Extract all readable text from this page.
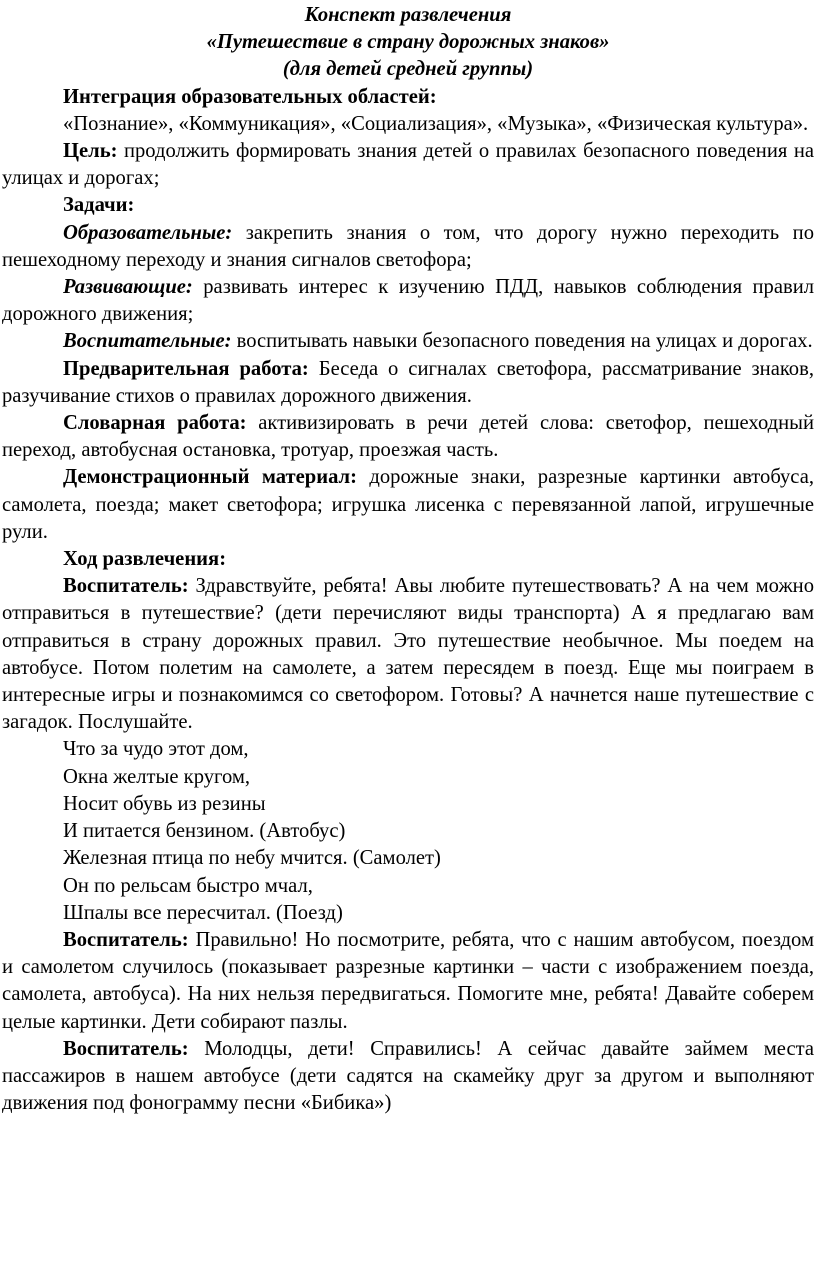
Конспект развлечения
«Путешествие в страну дорожных знаков»
(для детей средней группы)

Интеграция образовательных областей:

«Познание», «Коммуникация», «Социализация», «Музыка», «Физическая культура».

Цель: продолжить формировать знания детей о правилах безопасного поведения на улицах и дорогах;

Задачи:

Образовательные: закрепить знания о том, что дорогу нужно переходить по пешеходному переходу и знания сигналов светофора;

Развивающие: развивать интерес к изучению ПДД, навыков соблюдения правил дорожного движения;

Воспитательные: воспитывать навыки безопасного поведения на улицах и дорогах.

Предварительная работа: Беседа о сигналах светофора, рассматривание знаков, разучивание стихов о правилах дорожного движения.

Словарная работа: активизировать в речи детей слова: светофор, пешеходный переход, автобусная остановка, тротуар, проезжая часть.

Демонстрационный материал: дорожные знаки, разрезные картинки автобуса, самолета, поезда; макет светофора; игрушка лисенка с перевязанной лапой, игрушечные рули.

Ход развлечения:

Воспитатель: Здравствуйте, ребята! Авы любите путешествовать? А на чем можно отправиться в путешествие? (дети перечисляют виды транспорта) А я предлагаю вам отправиться в страну дорожных правил. Это путешествие необычное. Мы поедем на автобусе. Потом полетим на самолете, а затем пересядем в поезд. Еще мы поиграем в интересные игры и познакомимся со светофором. Готовы? А начнется наше путешествие с загадок. Послушайте.

Что за чудо этот дом,

Окна желтые кругом,

Носит обувь из резины

И питается бензином. (Автобус)

Железная птица по небу мчится. (Самолет)

Он по рельсам быстро мчал,

Шпалы все пересчитал. (Поезд)

Воспитатель: Правильно! Но посмотрите, ребята, что с нашим автобусом, поездом и самолетом случилось (показывает разрезные картинки – части с изображением поезда, самолета, автобуса). На них нельзя передвигаться. Помогите мне, ребята! Давайте соберем целые картинки. Дети собирают пазлы.

Воспитатель: Молодцы, дети! Справились! А сейчас давайте займем места пассажиров в нашем автобусе (дети садятся на скамейку друг за другом и выполняют движения под фонограмму песни «Бибика»)
